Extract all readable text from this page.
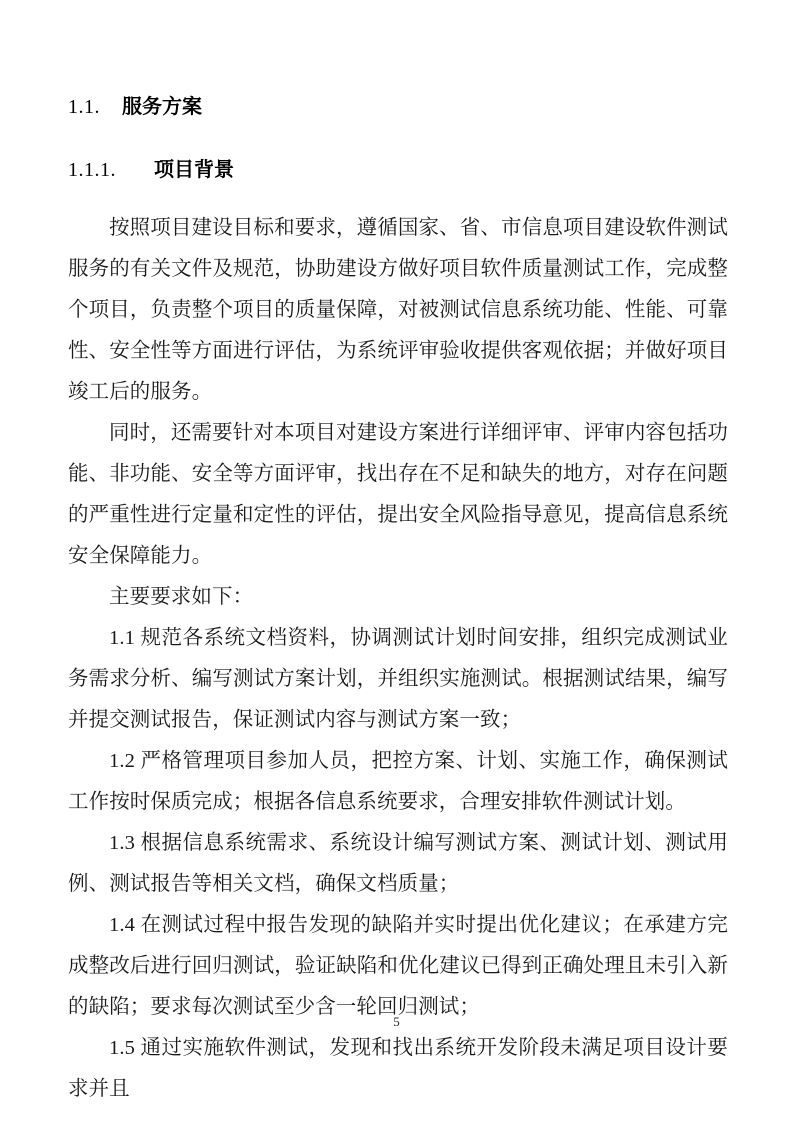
1.1.	服务方案
1.1.1.	项目背景

按照项目建设目标和要求，遵循国家、省、市信息项目建设软件测试服务的有关文件及规范，协助建设方做好项目软件质量测试工作，完成整个项目，负责整个项目的质量保障，对被测试信息系统功能、性能、可靠性、安全性等方面进行评估，为系统评审验收提供客观依据；并做好项目竣工后的服务。

同时，还需要针对本项目对建设方案进行详细评审、评审内容包括功能、非功能、安全等方面评审，找出存在不足和缺失的地方，对存在问题的严重性进行定量和定性的评估，提出安全风险指导意见，提高信息系统安全保障能力。

主要要求如下：

1.1 规范各系统文档资料，协调测试计划时间安排，组织完成测试业务需求分析、编写测试方案计划，并组织实施测试。根据测试结果，编写并提交测试报告，保证测试内容与测试方案一致；

1.2 严格管理项目参加人员，把控方案、计划、实施工作，确保测试工作按时保质完成；根据各信息系统要求，合理安排软件测试计划。

1.3 根据信息系统需求、系统设计编写测试方案、测试计划、测试用例、测试报告等相关文档，确保文档质量；

1.4 在测试过程中报告发现的缺陷并实时提出优化建议；在承建方完成整改后进行回归测试，验证缺陷和优化建议已得到正确处理且未引入新的缺陷；要求每次测试至少含一轮回归测试；

1.5 通过实施软件测试，发现和找出系统开发阶段未满足项目设计要求并且

5
